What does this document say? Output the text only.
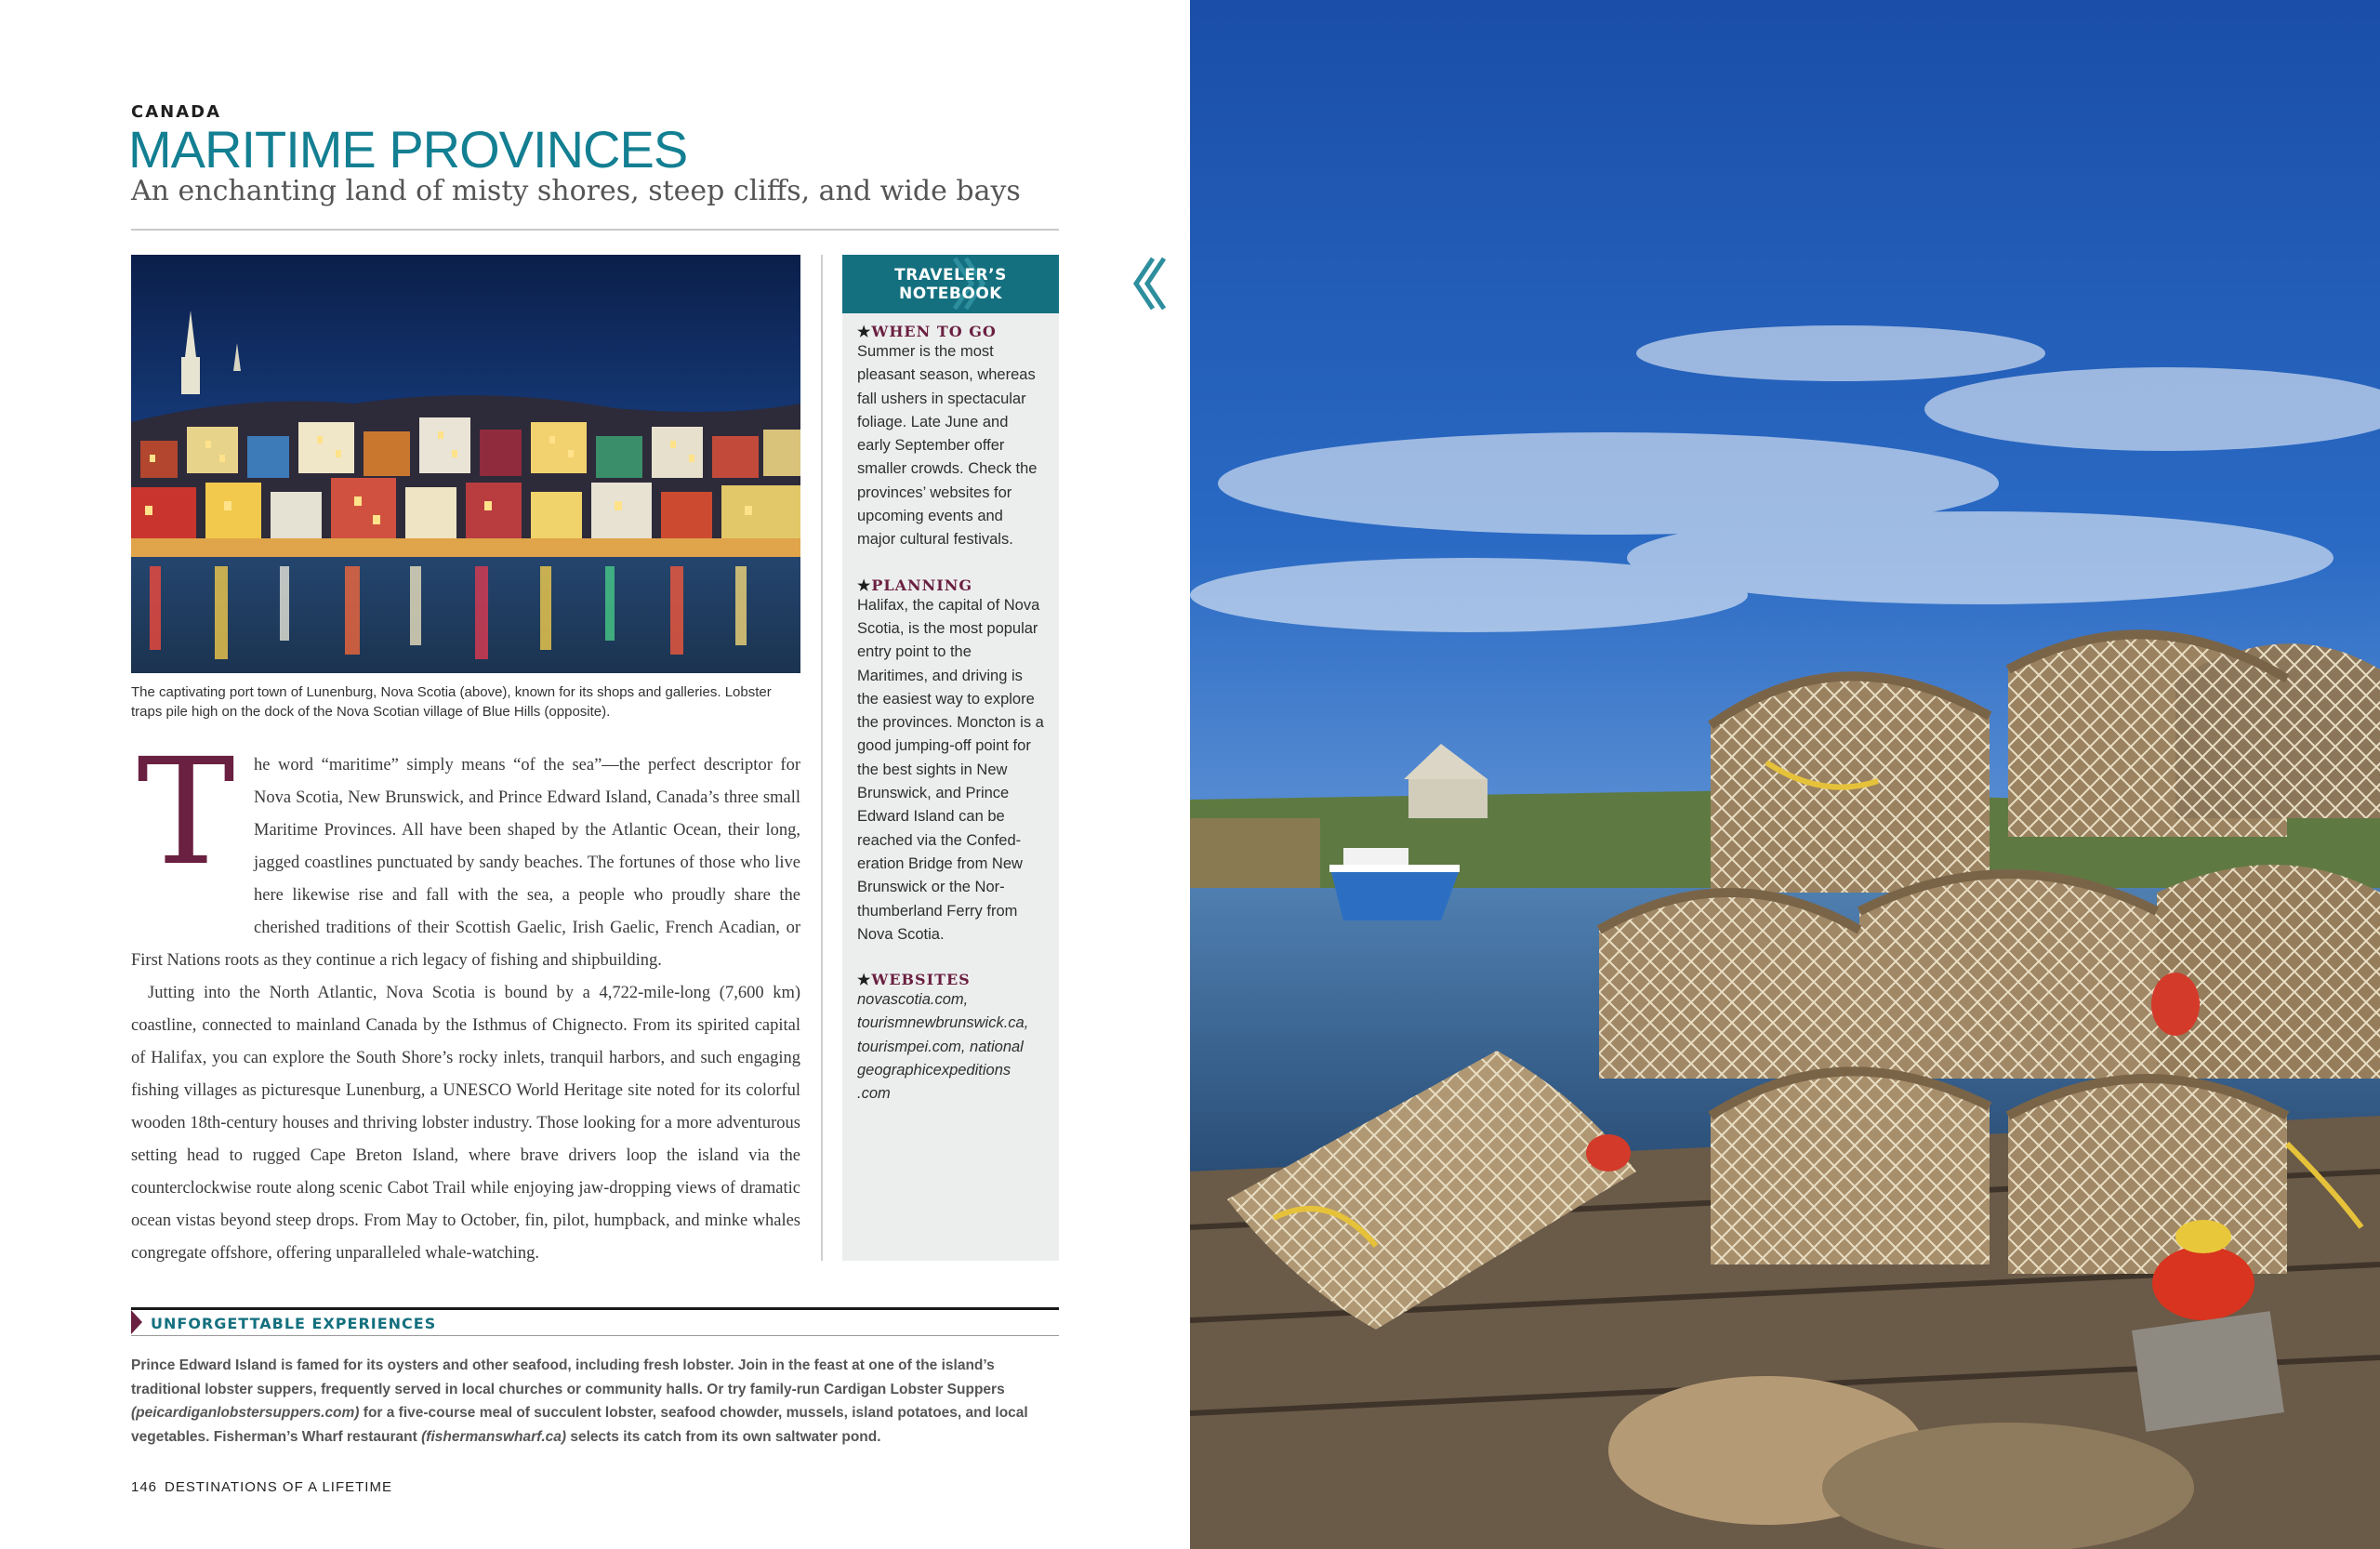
CANADA
MARITIME PROVINCES
An enchanting land of misty shores, steep cliffs, and wide bays
The captivating port town of Lunenburg, Nova Scotia (above), known for its shops and galleries. Lobster traps pile high on the dock of the Nova Scotian village of Blue Hills (opposite).
T	he word “maritime” simply means “of the sea”—the perfect descriptor for Nova Scotia, New Brunswick, and Prince Edward Island, Canada’s three small Maritime Provinces. All have been shaped by the Atlantic Ocean, their long, jagged coastlines punctuated by sandy beaches. The fortunes of those who live here likewise rise and fall with the sea, a people who proudly share the cherished traditions of their Scottish Gaelic, Irish Gaelic, French Acadian, or First Nations roots as they continue a rich legacy of fishing and shipbuilding.

Jutting into the North Atlantic, Nova Scotia is bound by a 4,722-mile-long (7,600 km) coastline, connected to mainland Canada by the Isthmus of Chignecto. From its spirited capital of Halifax, you can explore the South Shore’s rocky inlets, tranquil harbors, and such engaging fishing villages as picturesque Lunenburg, a UNESCO World Heritage site noted for its colorful wooden 18th-century houses and thriving lobster industry. Those looking for a more adventurous setting head to rugged Cape Breton Island, where brave drivers loop the island via the counterclockwise route along scenic Cabot Trail while enjoying jaw-dropping views of dramatic ocean vistas beyond steep drops. From May to October, fin, pilot, humpback, and minke whales congregate offshore, offering unparalleled whale-watching.

TRAVELER’S
NOTEBOOK
★WHEN TO GO
Summer is the most pleasant season, whereas fall ushers in spectacular foliage. Late June and early September offer smaller crowds. Check the provinces’ websites for upcoming events and major cultural festivals.
★PLANNING
Halifax, the capital of Nova Scotia, is the most popular entry point to the Maritimes, and driving is the easiest way to explore the provinces. Moncton is a good jumping-off point for the best sights in New Brunswick, and Prince Edward Island can be reached via the Confederation Bridge from New Brunswick or the Northumberland Ferry from Nova Scotia.
★WEBSITES
novascotia.com, tourismnewbrunswick.ca, tourismpei.com, national geographicexpeditions .com
UNFORGETTABLE EXPERIENCES
Prince Edward Island is famed for its oysters and other seafood, including fresh lobster. Join in the feast at one of the island’s traditional lobster suppers, frequently served in local churches or community halls. Or try family-run Cardigan Lobster Suppers (peicardiganlobstersuppers.com) for a five-course meal of succulent lobster, seafood chowder, mussels, island potatoes, and local vegetables. Fisherman’s Wharf restaurant (fishermanswharf.ca) selects its catch from its own saltwater pond.
146 DESTINATIONS OF A LIFETIME
